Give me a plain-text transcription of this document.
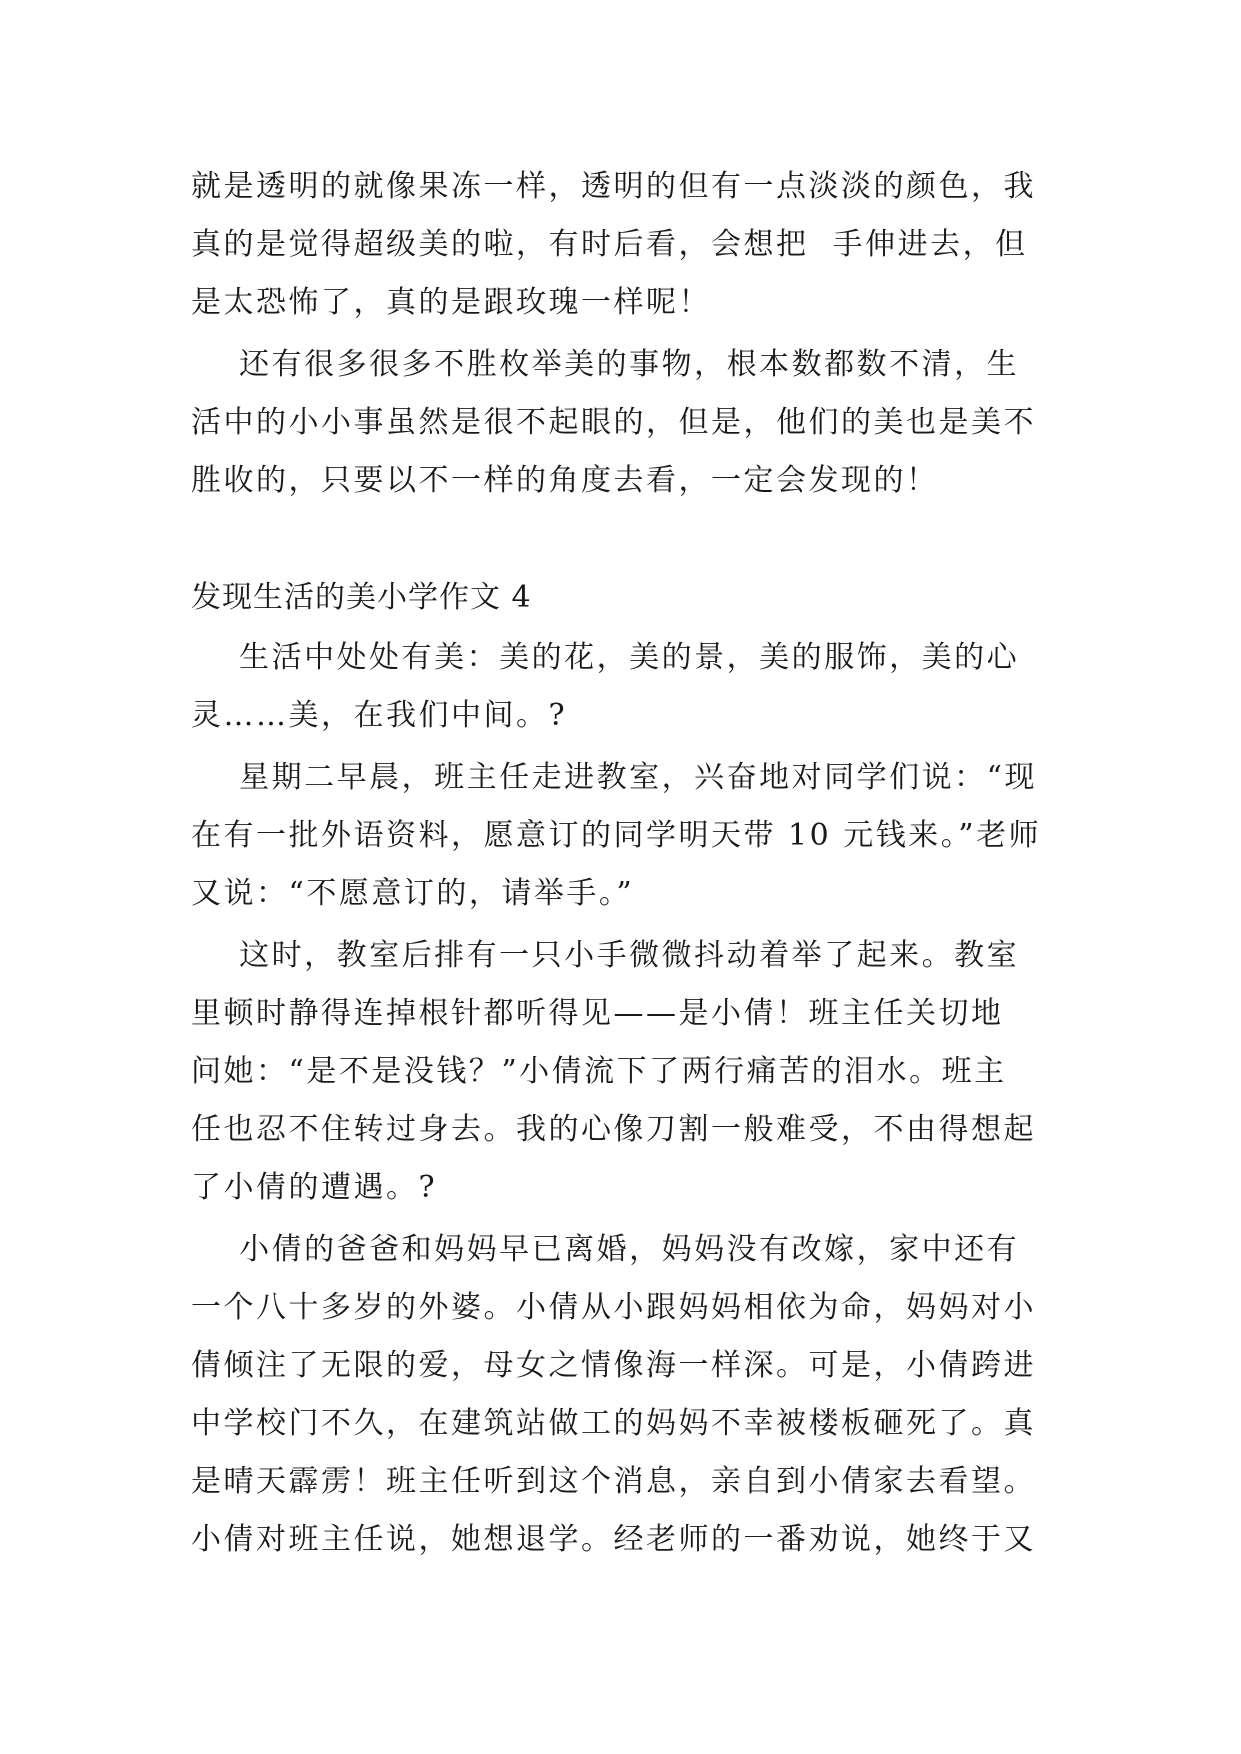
就是透明的就像果冻一样，透明的但有一点淡淡的颜色，我
真的是觉得超级美的啦，有时后看，会想把  手伸进去，但
是太恐怖了，真的是跟玫瑰一样呢！
还有很多很多不胜枚举美的事物，根本数都数不清，生
活中的小小事虽然是很不起眼的，但是，他们的美也是美不
胜收的，只要以不一样的角度去看，一定会发现的！
发现生活的美小学作文 4
生活中处处有美：美的花，美的景，美的服饰，美的心
灵……美，在我们中间。?
星期二早晨，班主任走进教室，兴奋地对同学们说：“现
在有一批外语资料，愿意订的同学明天带 10 元钱来。”老师
又说：“不愿意订的，请举手。”
这时，教室后排有一只小手微微抖动着举了起来。教室
里顿时静得连掉根针都听得见——是小倩！班主任关切地
问她：“是不是没钱？”小倩流下了两行痛苦的泪水。班主
任也忍不住转过身去。我的心像刀割一般难受，不由得想起
了小倩的遭遇。?
小倩的爸爸和妈妈早已离婚，妈妈没有改嫁，家中还有
一个八十多岁的外婆。小倩从小跟妈妈相依为命，妈妈对小
倩倾注了无限的爱，母女之情像海一样深。可是，小倩跨进
中学校门不久，在建筑站做工的妈妈不幸被楼板砸死了。真
是晴天霹雳！班主任听到这个消息，亲自到小倩家去看望。
小倩对班主任说，她想退学。经老师的一番劝说，她终于又
